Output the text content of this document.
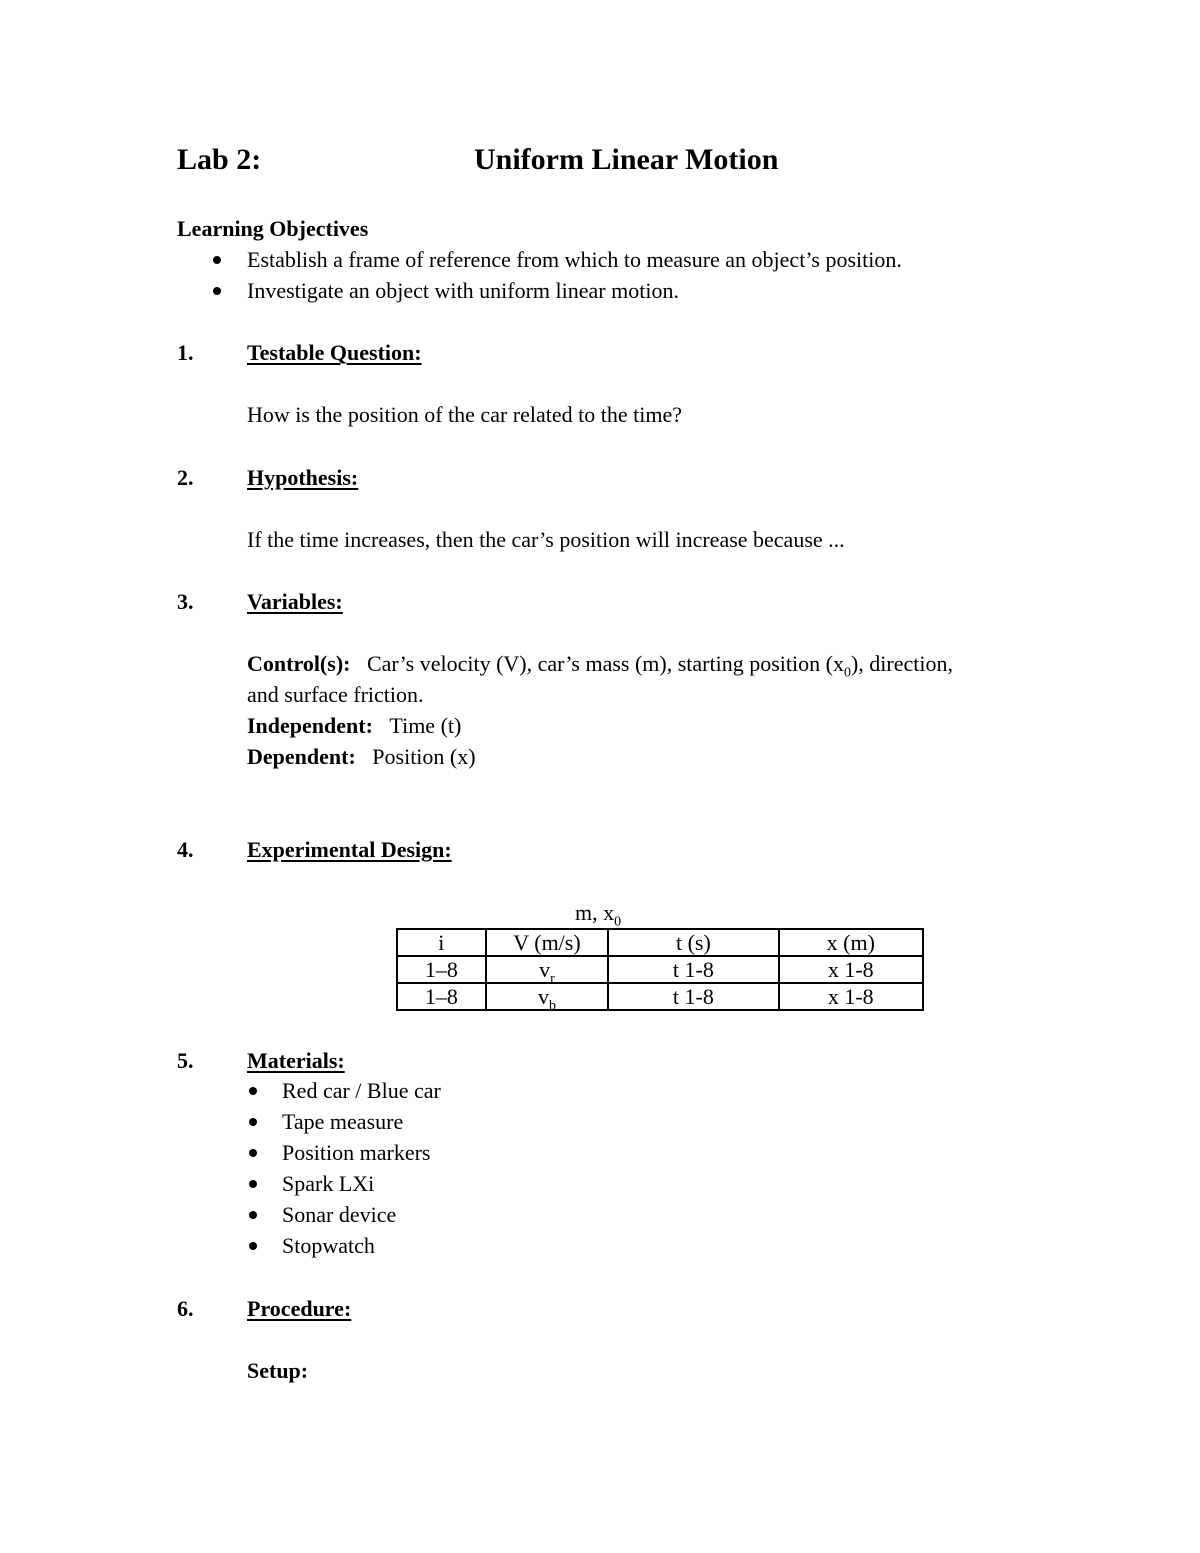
Lab 2:	Uniform Linear Motion
Learning Objectives
Establish a frame of reference from which to measure an object’s position.
Investigate an object with uniform linear motion.
1. Testable Question:
How is the position of the car related to the time?
2. Hypothesis:
If the time increases, then the car’s position will increase because ...
3. Variables:
Control(s): Car’s velocity (V), car’s mass (m), starting position $(x_0)$, direction,
and surface friction.
Independent: Time (t)
Dependent: Position (x)
4. Experimental Design:
m, $x_0$
i	V (m/s)	t (s)	x (m)
1–8	$v_r$	t 1-8	x 1-8
1–8	$v_b$	t 1-8	x 1-8
5. Materials:
Red car / Blue car
Tape measure
Position markers
Spark LXi
Sonar device
Stopwatch
6. Procedure:
Setup:
